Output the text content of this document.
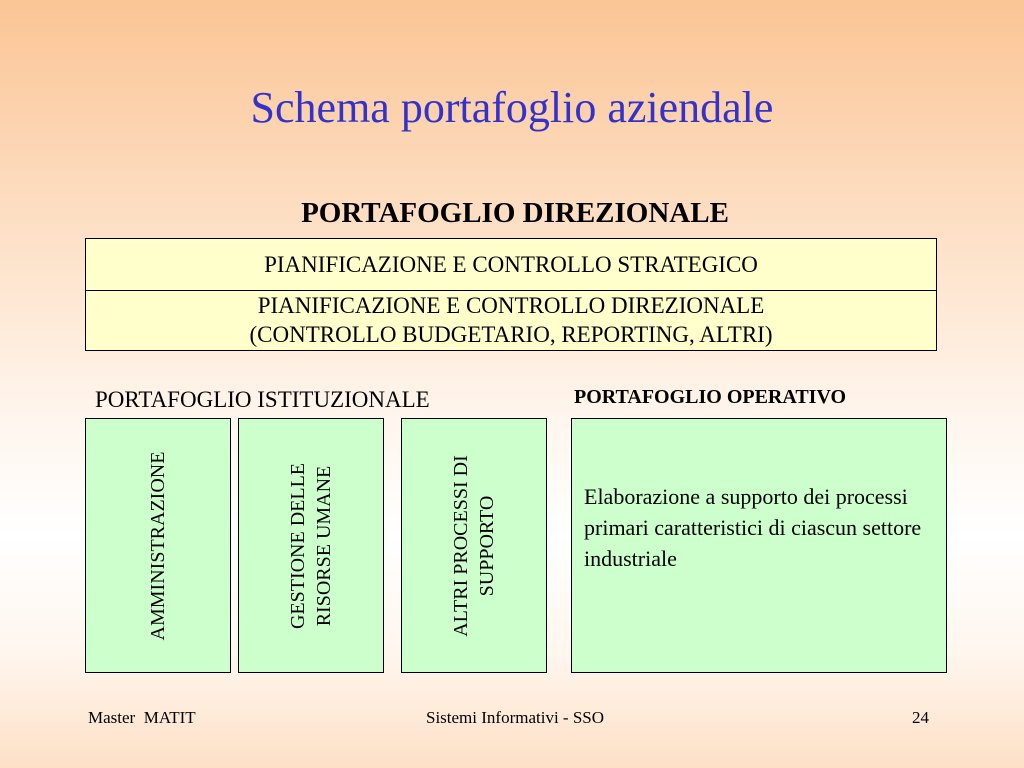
Schema portafoglio aziendale
PORTAFOGLIO DIREZIONALE
PIANIFICAZIONE E CONTROLLO STRATEGICO
PIANIFICAZIONE E CONTROLLO DIREZIONALE
(CONTROLLO BUDGETARIO, REPORTING, ALTRI)
PORTAFOGLIO ISTITUZIONALE	PORTAFOGLIO OPERATIVO
AMMINISTRAZIONE	GESTIONE DELLE RISORSE UMANE	ALTRI PROCESSI DI SUPPORTO	Elaborazione a supporto dei processi primari caratteristici di ciascun settore industriale
Master  MATIT	Sistemi Informativi - SSO	24
